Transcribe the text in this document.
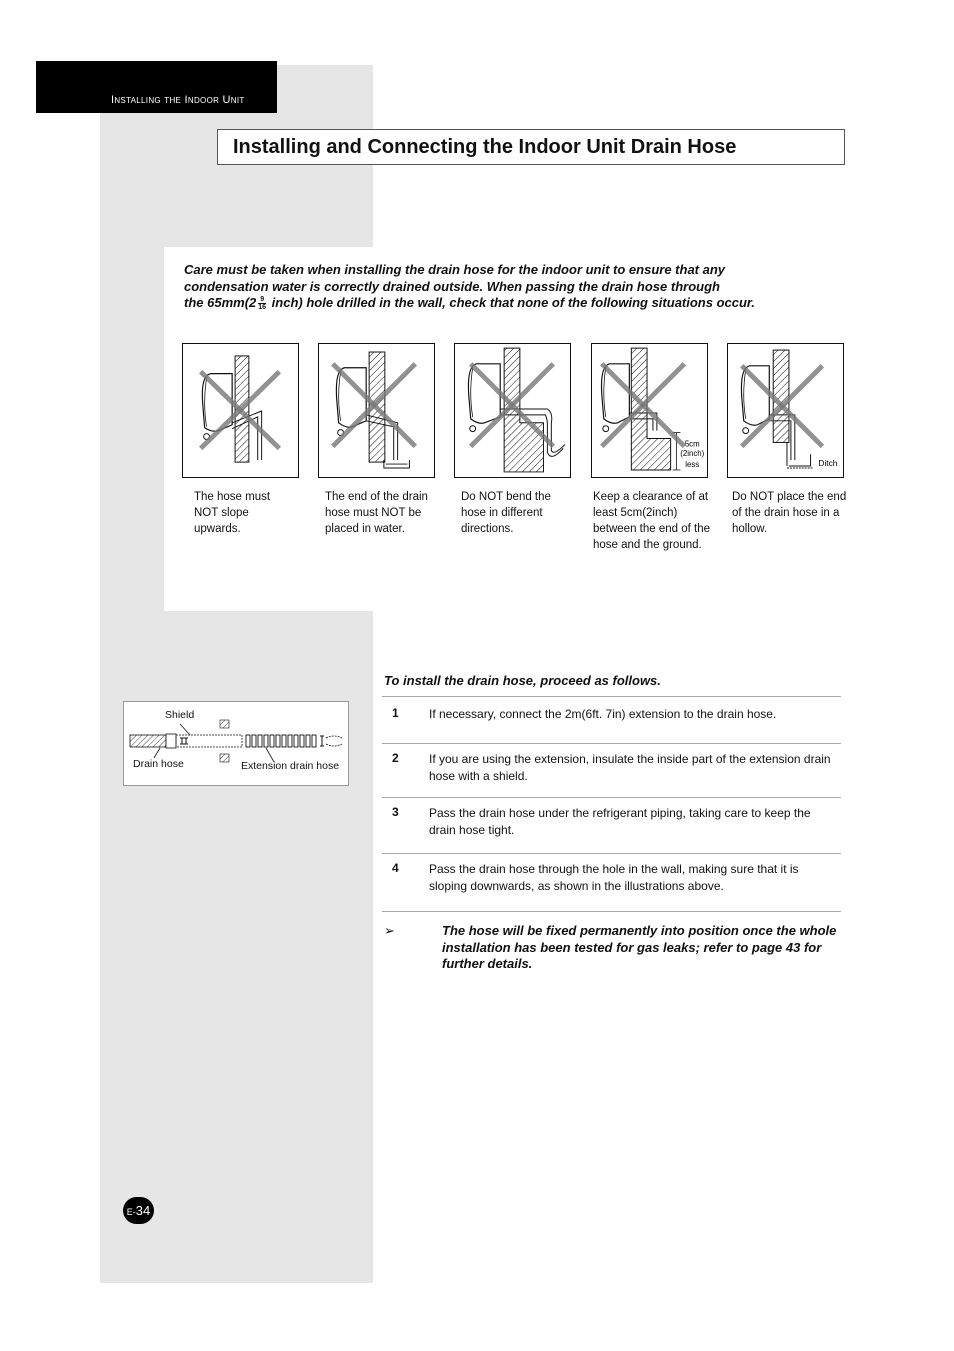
Installing the Indoor Unit
Installing and Connecting the Indoor Unit Drain Hose
Care must be taken when installing the drain hose for the indoor unit to ensure that any
condensation water is correctly drained outside. When passing the drain hose through
the $65mm(2 \frac{9}{16}$ inch) hole drilled in the wall, check that none of the following situations occur.
5cm
(2inch)
less	Ditch
The hose must NOT slope upwards.
The end of the drain hose must NOT be placed in water.
Do NOT bend the hose in different directions.
Keep a clearance of at least 5cm(2inch) between the end of the hose and the ground.
Do NOT place the end of the drain hose in a hollow.
Shield
Drain hose	Extension drain hose
To install the drain hose, proceed as follows.
1	If necessary, connect the 2m(6ft. 7in) extension to the drain hose.
2	If you are using the extension, insulate the inside part of the extension drain hose with a shield.
3	Pass the drain hose under the refrigerant piping, taking care to keep the drain hose tight.
4	Pass the drain hose through the hole in the wall, making sure that it is sloping downwards, as shown in the illustrations above.
➢	The hose will be fixed permanently into position once the whole installation has been tested for gas leaks; refer to page 43 for further details.
E-34
